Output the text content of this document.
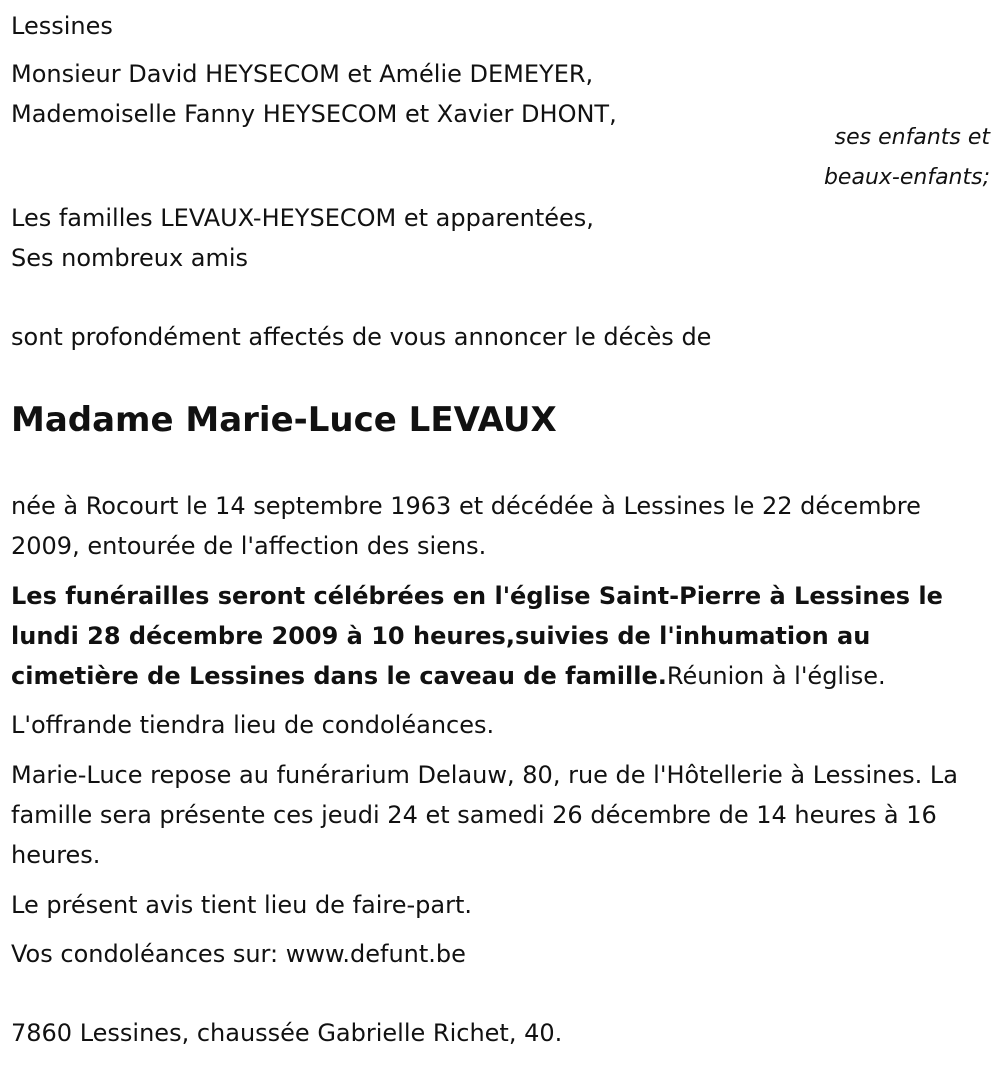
Lessines
Monsieur David HEYSECOM et Amélie DEMEYER,
Mademoiselle Fanny HEYSECOM et Xavier DHONT,
ses enfants et
beaux-enfants;
Les familles LEVAUX-HEYSECOM et apparentées,
Ses nombreux amis
sont profondément affectés de vous annoncer le décès de
Madame Marie-Luce LEVAUX
née à Rocourt le 14 septembre 1963 et décédée à Lessines le 22 décembre 2009, entourée de l'affection des siens.
Les funérailles seront célébrées en l'église Saint-Pierre à Lessines le lundi 28 décembre 2009 à 10 heures,suivies de l'inhumation au cimetière de Lessines dans le caveau de famille.Réunion à l'église.
L'offrande tiendra lieu de condoléances.
Marie-Luce repose au funérarium Delauw, 80, rue de l'Hôtellerie à Lessines. La famille sera présente ces jeudi 24 et samedi 26 décembre de 14 heures à 16 heures.
Le présent avis tient lieu de faire-part.
Vos condoléances sur: www.defunt.be
7860 Lessines, chaussée Gabrielle Richet, 40.
